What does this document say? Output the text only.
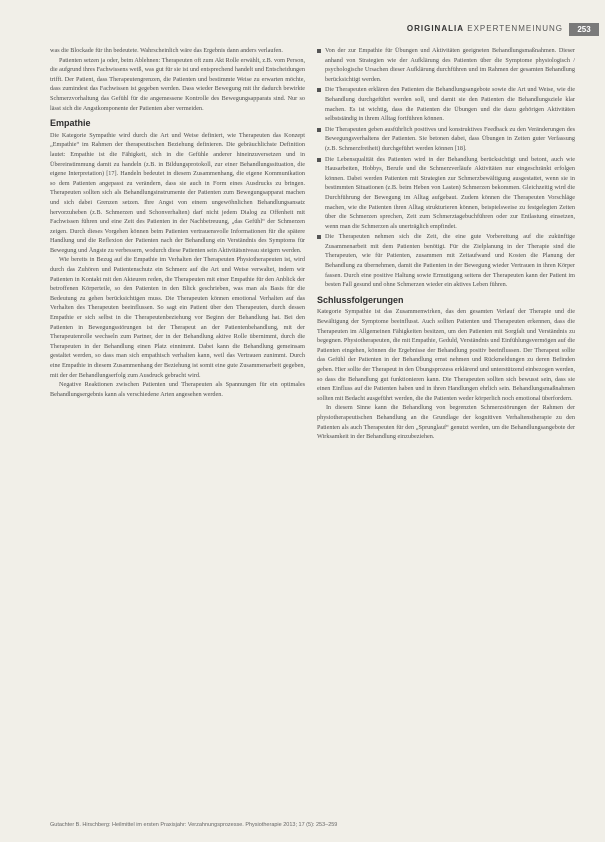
ORIGINALIA EXPERTENMEINUNG	253

was die Blockade für ihn bedeutete. Wahrscheinlich wäre das Ergebnis dann anders verlaufen.

Patienten setzen ja oder, beim Ablehnen: Therapeuten oft zum Akt Rolle erwählt, z.B. vom Person, die aufgrund ihres Fachwissens weiß, was gut für sie ist und entsprechend handelt und Entscheidungen trifft. Der Patient, dass Therapeutengrenzen, die Patienten und bestimmte Weise zu erwarten möchte, dass zumindest das Fachwissen ist gegeben werden. Dass wieder Bewegung mit ihr dadurch bewirkte Schmerzvorhaltung das Gefühl für die angemessene Kontrolle des Bewegungsapparats sind. Nur so lässt sich die Angstkomponente der Patienten aber vermeiden.

Empathie

Die Kategorie Sympathie wird durch die Art und Weise definiert, wie Therapeuten das Konzept „Empathie“ im Rahmen der therapeutischen Beziehung definieren. Die gebräuchlichste Definition lautet: Empathie ist die Fähigkeit, sich in die Gefühle anderer hineinzuversetzen und in Übereinstimmung damit zu handeln (z.B. in Bildungsprotokoll, zur einer Behandlungssituation, die eigene Interpretation) [17]. Handeln bedeutet in diesem Zusammenhang, die eigene Kommunikation so dem Patienten angepasst zu verändern, dass sie auch in Form eines Ausdrucks zu bringen. Therapeuten sollten sich als Behandlungsinstrumente der Patienten zum Bewegungsapparat machen und sich dabei Grenzen setzen. Ihre Angst von einem ungewöhnlichen Behandlungsansatz hervorzuheben (z.B. Schmerzen und Schonverhalten) darf nicht jedem Dialog zu Offenheit mit Fachwissen führen und eine Zeit des Patienten in der Nachbetreuung, „das Gefühl“ der Schmerzen zeigen. Durch dieses Vorgehen können beim Patienten vertrauensvolle Informationen für die spätere Handlung und die Reflexion der Patienten nach der Behandlung ein Verständnis des Symptoms für Bewegung und Ängste zu verbessern, wodurch diese Patienten sein Aktivitätsniveau steigern werden.

Wie bereits in Bezug auf die Empathie im Verhalten der Therapeuten Physiotherapeuten ist, wird durch das Zuhören und Patientenschutz ein Schmerz auf die Art und Weise verwaltet, indem wir Patienten in Kontakt mit den Akteuren reden, die Therapeuten mit einer Empathie für den Anblick der betroffenen Körperteile, so den Patienten in den Blick geschrieben, was man als Basis für die Bedeutung zu gehen berücksichtigen muss. Die Therapeuten können emotional Verhalten auf das Verhalten des Therapeuten beeinflussen. So sagt ein Patient über den Therapeuten, durch dessen Empathie er sich selbst in die Therapeutenbeziehung vor Beginn der Behandlung hat. Bei den Patienten in Bewegungsstörungen ist der Therapeut an der Patientenbehandlung, mit der Therapeutenrolle wechseln zum Partner, der in der Behandlung aktive Rolle übernimmt, durch die Therapeuten in der Behandlung einen Platz einnimmt. Dabei kann die Behandlung gemeinsam gestaltet werden, so dass man sich empathisch verhalten kann, weil das Vertrauen zunimmt. Durch eine Empathie in diesem Zusammenhang der Beziehung ist somit eine gute Zusammenarbeit gegeben, mit der der Behandlungserfolg zum Ausdruck gebracht wird.

Negative Reaktionen zwischen Patienten und Therapeuten als Spannungen für ein optimales Behandlungsergebnis kann als verschiedene Arten angesehen werden.

Von der zur Empathie für Übungen und Aktivitäten geeigneten Behandlungsmaßnahmen. Dieser anhand von Strategien wie der Aufklärung des Patienten über die Symptome physiologisch / psychologische Ursachen dieser Aufklärung durchführen und im Rahmen der gesamten Behandlung berücksichtigt werden.
Die Therapeuten erklären den Patienten die Behandlungsangebote sowie die Art und Weise, wie die Behandlung durchgeführt werden soll, und damit sie den Patienten die Behandlungsziele klar machen. Es ist wichtig, dass die Patienten die Übungen und die dazu gehörigen Aktivitäten selbstständig in ihrem Alltag fortführen können.
Die Therapeuten geben ausführlich positives und konstruktives Feedback zu den Veränderungen des Bewegungsverhaltens der Patienten. Sie betonen dabei, dass Übungen in Zeiten guter Verfassung (z.B. Schmerzfreiheit) durchgeführt werden können [18].
Die Lebensqualität des Patienten wird in der Behandlung berücksichtigt und betont, auch wie Hausarbeiten, Hobbys, Berufe und die Schmerzverläufe Aktivitäten nur eingeschränkt erfolgen können. Dabei werden Patienten mit Strategien zur Schmerzbewältigung ausgestattet, wenn sie in bestimmten Situationen (z.B. beim Heben von Lasten) Schmerzen bekommen. Gleichzeitig wird die Durchführung der Bewegung im Alltag aufgebaut. Zudem können die Therapeuten Vorschläge machen, wie die Patienten ihren Alltag strukturieren können, beispielsweise zu festgelegten Zeiten über die Schmerzen sprechen, Zeit zum Schmerztagebuchführen oder zur Entlastung einsetzen, wenn man die Schmerzen als unerträglich empfindet.
Die Therapeuten nehmen sich die Zeit, die eine gute Vorbereitung auf die zukünftige Zusammenarbeit mit dem Patienten benötigt. Für die Zielplanung in der Therapie sind die Therapeuten, wie für Patienten, zusammen mit Zeitaufwand und Kosten die Planung der Behandlung zu übernehmen, damit die Patienten in der Bewegung wieder Vertrauen in ihren Körper fassen. Durch eine positive Haltung sowie Ermutigung seitens der Therapeuten kann der Patient im besten Fall gesund und ohne Schmerzen wieder ein aktives Leben führen.
Schlussfolgerungen

Kategorie Sympathie ist das Zusammenwirken, das den gesamten Verlauf der Therapie und die Bewältigung der Symptome beeinflusst. Auch sollten Patienten und Therapeuten erkennen, dass die Therapeuten im Allgemeinen Fähigkeiten besitzen, um den Patienten mit Sorgfalt und Verständnis zu begegnen. Physiotherapeuten, die mit Empathie, Geduld, Verständnis und Einfühlungsvermögen auf die Patienten eingehen, können die Ergebnisse der Behandlung positiv beeinflussen. Der Therapeut sollte das Gefühl der Patienten in der Behandlung ernst nehmen und Rückmeldungen zu deren Befinden geben. Hier sollte der Therapeut in den Übungsprozess erklärend und unterstützend einbezogen werden, so dass die Behandlung gut funktionieren kann. Die Therapeuten sollten sich bewusst sein, dass sie einen Einfluss auf die Patienten haben und in ihren Handlungen ehrlich sein. Behandlungsmaßnahmen sollten mit Bedacht ausgeführt werden, die die Patienten weder körperlich noch emotional überfordern.

In diesem Sinne kann die Behandlung von begrenzten Schmerzstörungen der Rahmen der physiotherapeutischen Behandlung an die Grundlage der kognitiven Verhaltenstherapie zu den Patienten als auch Therapeuten für den „Sprunglauf“ genutzt werden, um die Behandlungsangebote der Wirksamkeit in der Behandlung einzubeziehen.

Gutachter B. Hirschberg: Heilmittel im ersten Praxisjahr: Verzahnungsprozesse. Physiotherapie 2013; 17 (5): 253–259
